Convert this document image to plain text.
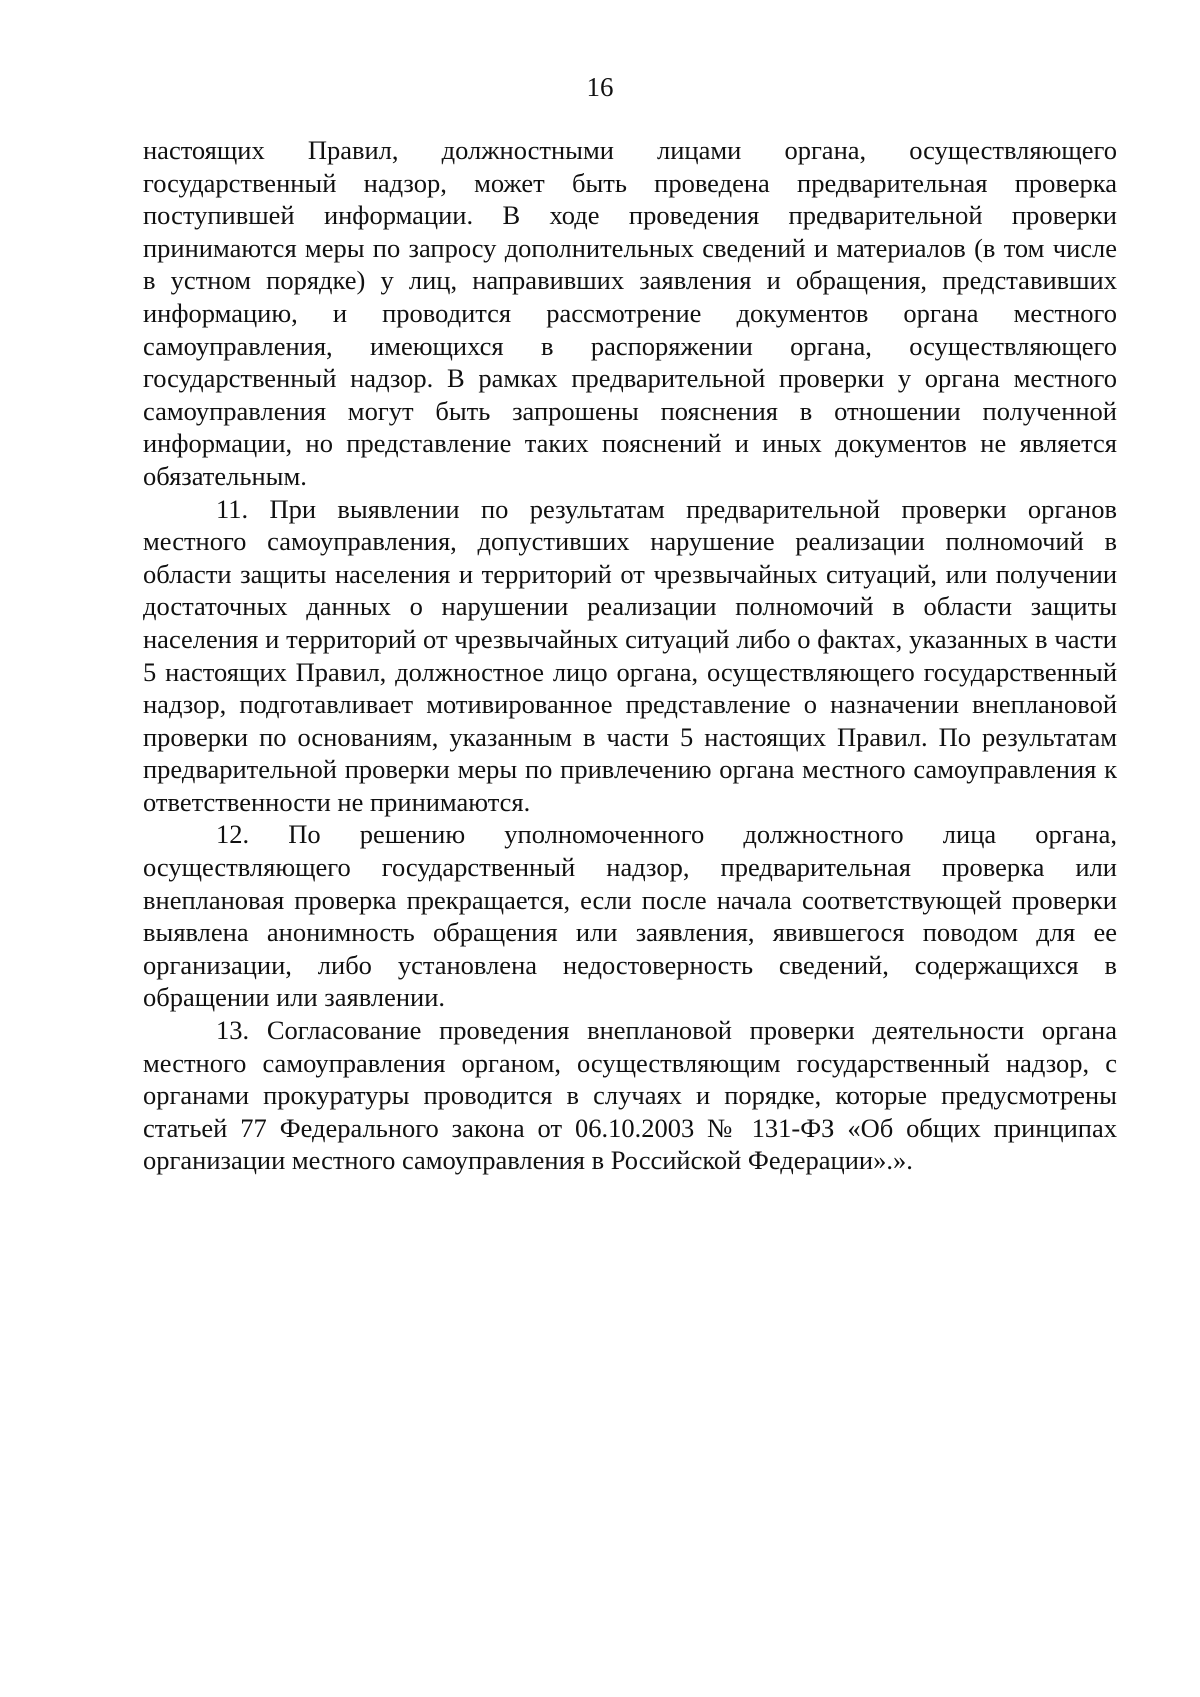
16

настоящих Правил, должностными лицами органа, осуществляющего государственный надзор, может быть проведена предварительная проверка поступившей информации. В ходе проведения предварительной проверки принимаются меры по запросу дополнительных сведений и материалов (в том числе в устном порядке) у лиц, направивших заявления и обращения, представивших информацию, и проводится рассмотрение документов органа местного самоуправления, имеющихся в распоряжении органа, осуществляющего государственный надзор. В рамках предварительной проверки у органа местного самоуправления могут быть запрошены пояснения в отношении полученной информации, но представление таких пояснений и иных документов не является обязательным.

11. При выявлении по результатам предварительной проверки органов местного самоуправления, допустивших нарушение реализации полномочий в области защиты населения и территорий от чрезвычайных ситуаций, или получении достаточных данных о нарушении реализации полномочий в области защиты населения и территорий от чрезвычайных ситуаций либо о фактах, указанных в части 5 настоящих Правил, должностное лицо органа, осуществляющего государственный надзор, подготавливает мотивированное представление о назначении внеплановой проверки по основаниям, указанным в части 5 настоящих Правил. По результатам предварительной проверки меры по привлечению органа местного самоуправления к ответственности не принимаются.

12. По решению уполномоченного должностного лица органа, осуществляющего государственный надзор, предварительная проверка или внеплановая проверка прекращается, если после начала соответствующей проверки выявлена анонимность обращения или заявления, явившегося поводом для ее организации, либо установлена недостоверность сведений, содержащихся в обращении или заявлении.

13. Согласование проведения внеплановой проверки деятельности органа местного самоуправления органом, осуществляющим государственный надзор, с органами прокуратуры проводится в случаях и порядке, которые предусмотрены статьей 77 Федерального закона от 06.10.2003 № 131-ФЗ «Об общих принципах организации местного самоуправления в Российской Федерации».».
